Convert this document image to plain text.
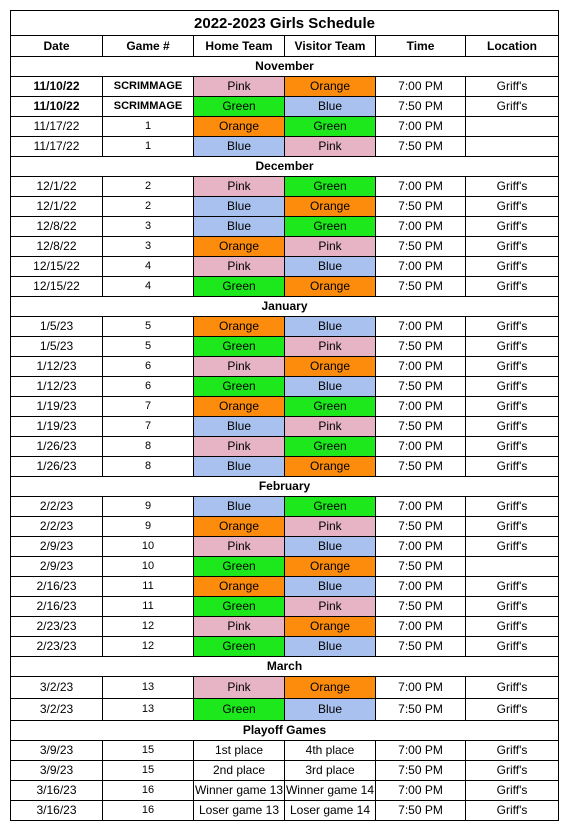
2022-2023 Girls Schedule					
Date	Game #	Home Team	Visitor Team	Time	Location
November					
11/10/22	SCRIMMAGE	Pink	Orange	7:00 PM	Griff's
11/10/22	SCRIMMAGE	Green	Blue	7:50 PM	Griff's
11/17/22	1	Orange	Green	7:00 PM	
11/17/22	1	Blue	Pink	7:50 PM	
December					
12/1/22	2	Pink	Green	7:00 PM	Griff's
12/1/22	2	Blue	Orange	7:50 PM	Griff's
12/8/22	3	Blue	Green	7:00 PM	Griff's
12/8/22	3	Orange	Pink	7:50 PM	Griff's
12/15/22	4	Pink	Blue	7:00 PM	Griff's
12/15/22	4	Green	Orange	7:50 PM	Griff's
January					
1/5/23	5	Orange	Blue	7:00 PM	Griff's
1/5/23	5	Green	Pink	7:50 PM	Griff's
1/12/23	6	Pink	Orange	7:00 PM	Griff's
1/12/23	6	Green	Blue	7:50 PM	Griff's
1/19/23	7	Orange	Green	7:00 PM	Griff's
1/19/23	7	Blue	Pink	7:50 PM	Griff's
1/26/23	8	Pink	Green	7:00 PM	Griff's
1/26/23	8	Blue	Orange	7:50 PM	Griff's
February					
2/2/23	9	Blue	Green	7:00 PM	Griff's
2/2/23	9	Orange	Pink	7:50 PM	Griff's
2/9/23	10	Pink	Blue	7:00 PM	Griff's
2/9/23	10	Green	Orange	7:50 PM	
2/16/23	11	Orange	Blue	7:00 PM	Griff's
2/16/23	11	Green	Pink	7:50 PM	Griff's
2/23/23	12	Pink	Orange	7:00 PM	Griff's
2/23/23	12	Green	Blue	7:50 PM	Griff's
March					
3/2/23	13	Pink	Orange	7:00 PM	Griff's
3/2/23	13	Green	Blue	7:50 PM	Griff's
Playoff Games					
3/9/23	15	1st place	4th place	7:00 PM	Griff's
3/9/23	15	2nd place	3rd place	7:50 PM	Griff's
3/16/23	16	Winner game 13	Winner game 14	7:00 PM	Griff's
3/16/23	16	Loser game 13	Loser game 14	7:50 PM	Griff's
